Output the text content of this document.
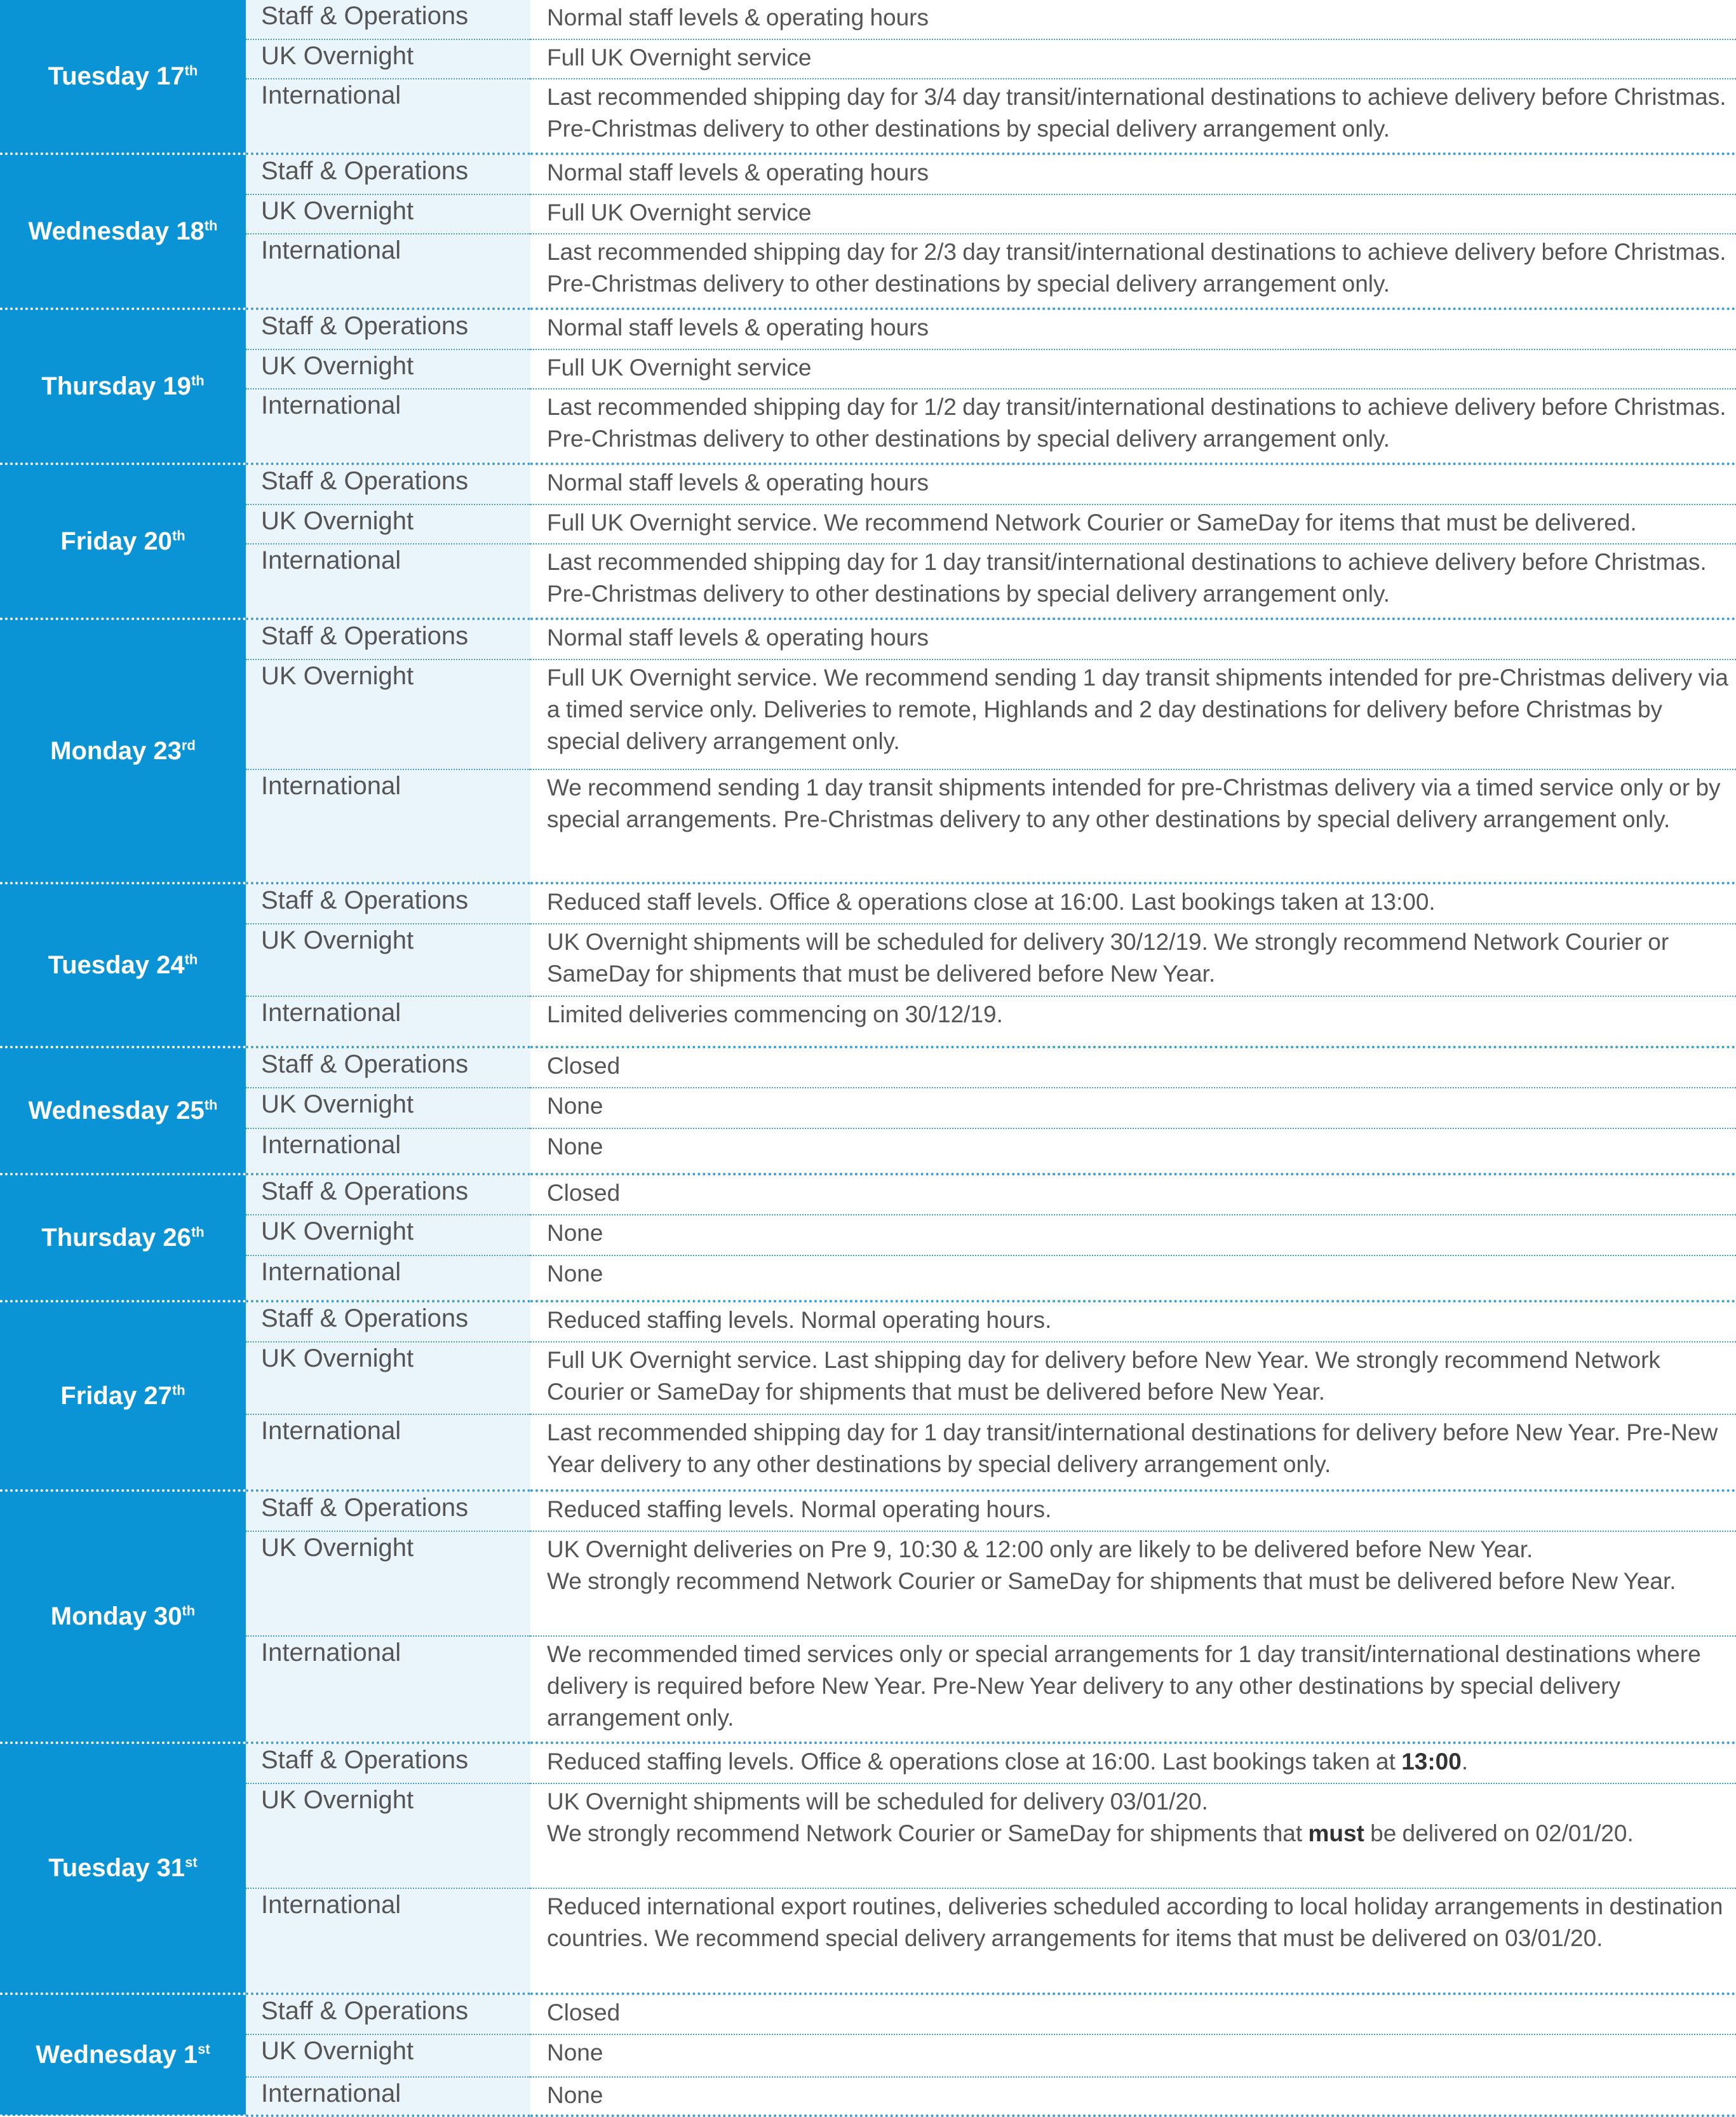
Tuesday 17th	Staff & Operations	Normal staff levels & operating hours
	UK Overnight	Full UK Overnight service
	International	Last recommended shipping day for 3/4 day transit/international destinations to achieve delivery before Christmas. Pre-Christmas delivery to other destinations by special delivery arrangement only.
Wednesday 18th	Staff & Operations	Normal staff levels & operating hours
	UK Overnight	Full UK Overnight service
	International	Last recommended shipping day for 2/3 day transit/international destinations to achieve delivery before Christmas. Pre-Christmas delivery to other destinations by special delivery arrangement only.
Thursday 19th	Staff & Operations	Normal staff levels & operating hours
	UK Overnight	Full UK Overnight service
	International	Last recommended shipping day for 1/2 day transit/international destinations to achieve delivery before Christmas. Pre-Christmas delivery to other destinations by special delivery arrangement only.
Friday 20th	Staff & Operations	Normal staff levels & operating hours
	UK Overnight	Full UK Overnight service. We recommend Network Courier or SameDay for items that must be delivered.
	International	Last recommended shipping day for 1 day transit/international destinations to achieve delivery before Christmas. Pre-Christmas delivery to other destinations by special delivery arrangement only.
Monday 23rd	Staff & Operations	Normal staff levels & operating hours
	UK Overnight	Full UK Overnight service. We recommend sending 1 day transit shipments intended for pre-Christmas delivery via a timed service only. Deliveries to remote, Highlands and 2 day destinations for delivery before Christmas by special delivery arrangement only.
	International	We recommend sending 1 day transit shipments intended for pre-Christmas delivery via a timed service only or by special arrangements. Pre-Christmas delivery to any other destinations by special delivery arrangement only.
Tuesday 24th	Staff & Operations	Reduced staff levels. Office & operations close at 16:00. Last bookings taken at 13:00.
	UK Overnight	UK Overnight shipments will be scheduled for delivery 30/12/19. We strongly recommend Network Courier or SameDay for shipments that must be delivered before New Year.
	International	Limited deliveries commencing on 30/12/19.
Wednesday 25th	Staff & Operations	Closed
	UK Overnight	None
	International	None
Thursday 26th	Staff & Operations	Closed
	UK Overnight	None
	International	None
Friday 27th	Staff & Operations	Reduced staffing levels. Normal operating hours.
	UK Overnight	Full UK Overnight service. Last shipping day for delivery before New Year. We strongly recommend Network Courier or SameDay for shipments that must be delivered before New Year.
	International	Last recommended shipping day for 1 day transit/international destinations for delivery before New Year. Pre-New Year delivery to any other destinations by special delivery arrangement only.
Monday 30th	Staff & Operations	Reduced staffing levels. Normal operating hours.
	UK Overnight	UK Overnight deliveries on Pre 9, 10:30 & 12:00 only are likely to be delivered before New Year.
We strongly recommend Network Courier or SameDay for shipments that must be delivered before New Year.
	International	We recommended timed services only or special arrangements for 1 day transit/international destinations where delivery is required before New Year. Pre-New Year delivery to any other destinations by special delivery arrangement only.
Tuesday 31st	Staff & Operations	Reduced staffing levels. Office & operations close at 16:00. Last bookings taken at 13:00.
	UK Overnight	UK Overnight shipments will be scheduled for delivery 03/01/20.
We strongly recommend Network Courier or SameDay for shipments that must be delivered on 02/01/20.
	International	Reduced international export routines, deliveries scheduled according to local holiday arrangements in destination countries. We recommend special delivery arrangements for items that must be delivered on 03/01/20.
Wednesday 1st	Staff & Operations	Closed
	UK Overnight	None
	International	None
